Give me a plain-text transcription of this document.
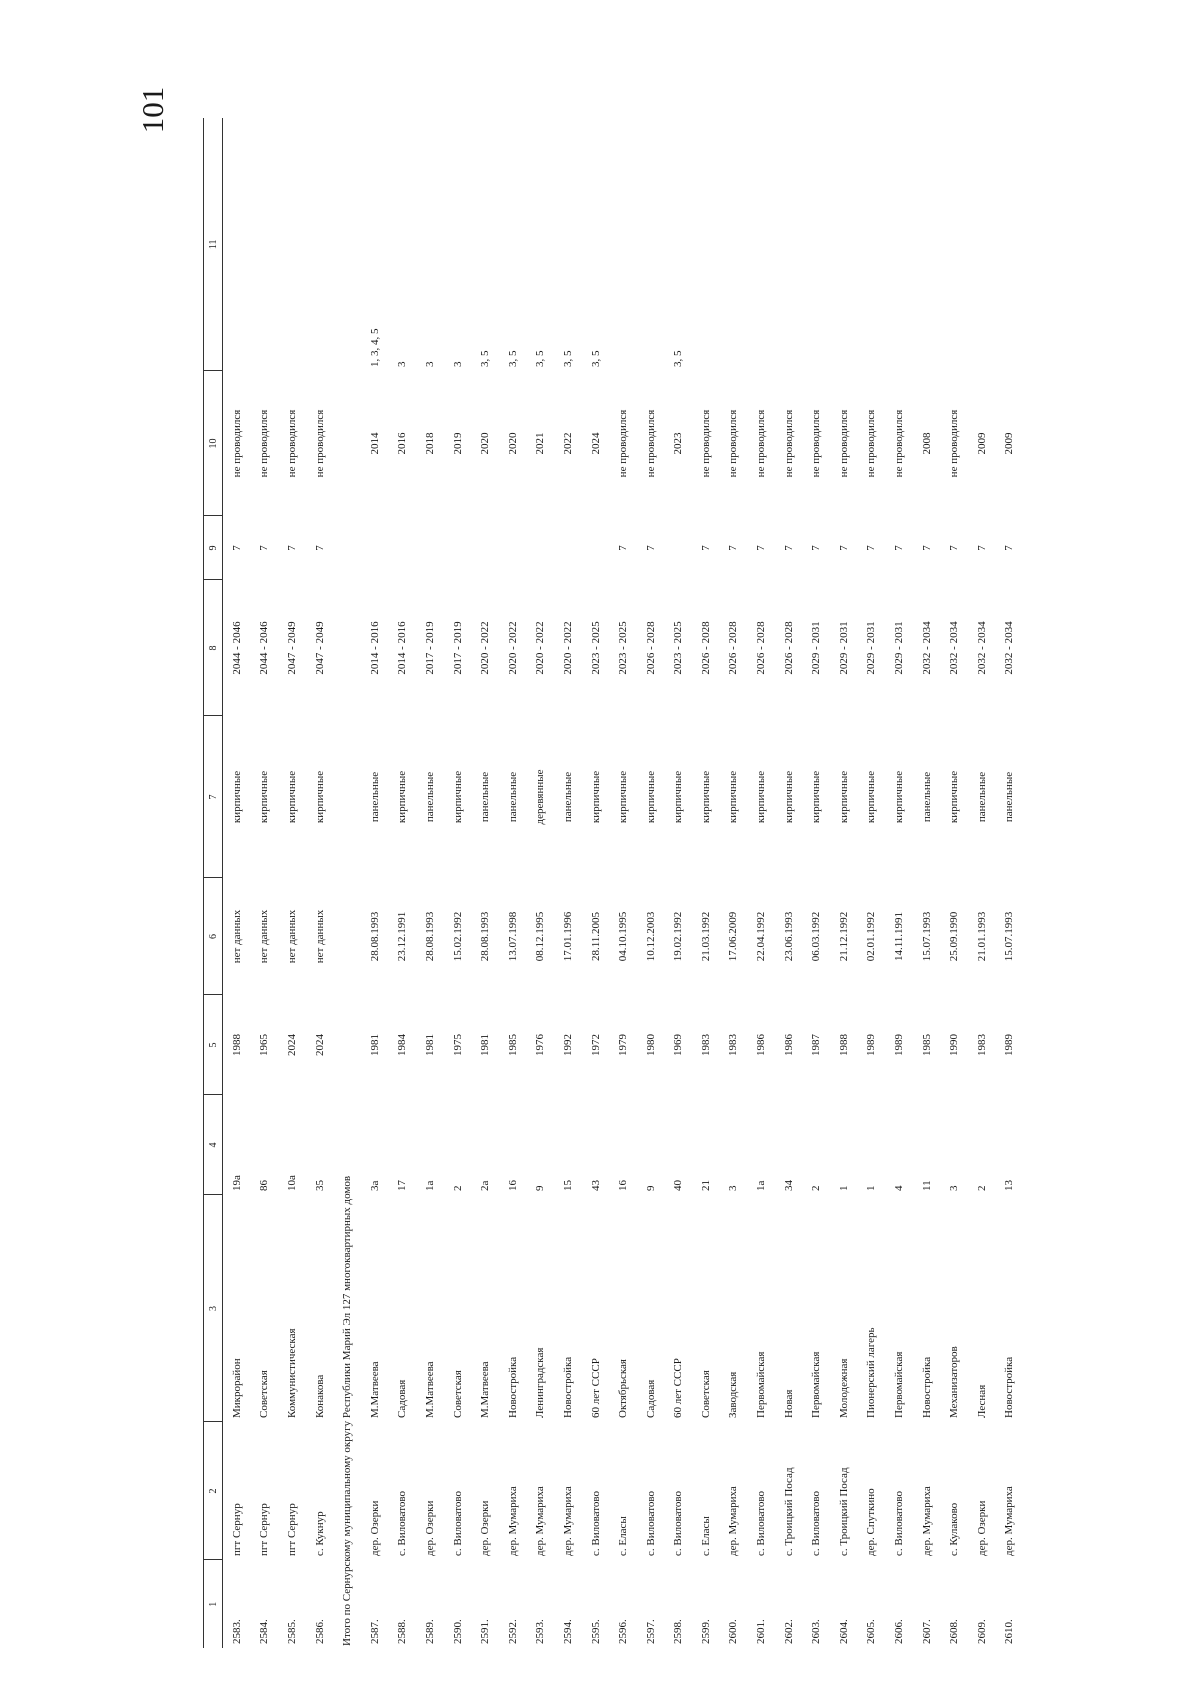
101
1	2	3	4	5	6	7	8	9	10	11
2583.	пгт Сернур	Микрорайон	19а	1988	нет данных	кирпичные	2044 - 2046	7	не проводился	
2584.	пгт Сернур	Советская	86	1965	нет данных	кирпичные	2044 - 2046	7	не проводился	
2585.	пгт Сернур	Коммунистическая	10а	2024	нет данных	кирпичные	2047 - 2049	7	не проводился	
2586.	с. Кукнур	Конакова	35	2024	нет данных	кирпичные	2047 - 2049	7	не проводился	
Итого по Сернурскому муниципальному округу Республики Марий Эл 127 многоквартирных домов										
2587.	дер. Озерки	М.Матвеева	3а	1981	28.08.1993	панельные	2014 - 2016		2014	1, 3, 4, 5
2588.	с. Виловатово	Садовая	17	1984	23.12.1991	кирпичные	2014 - 2016		2016	3
2589.	дер. Озерки	М.Матвеева	1а	1981	28.08.1993	панельные	2017 - 2019		2018	3
2590.	с. Виловатово	Советская	2	1975	15.02.1992	кирпичные	2017 - 2019		2019	3
2591.	дер. Озерки	М.Матвеева	2а	1981	28.08.1993	панельные	2020 - 2022		2020	3, 5
2592.	дер. Мумариха	Новостройка	16	1985	13.07.1998	панельные	2020 - 2022		2020	3, 5
2593.	дер. Мумариха	Ленинградская	9	1976	08.12.1995	деревянные	2020 - 2022		2021	3, 5
2594.	дер. Мумариха	Новостройка	15	1992	17.01.1996	панельные	2020 - 2022		2022	3, 5
2595.	с. Виловатово	60 лет СССР	43	1972	28.11.2005	кирпичные	2023 - 2025		2024	3, 5
2596.	с. Еласы	Октябрьская	16	1979	04.10.1995	кирпичные	2023 - 2025	7	не проводился	
2597.	с. Виловатово	Садовая	9	1980	10.12.2003	кирпичные	2026 - 2028	7	не проводился	
2598.	с. Виловатово	60 лет СССР	40	1969	19.02.1992	кирпичные	2023 - 2025		2023	3, 5
2599.	с. Еласы	Советская	21	1983	21.03.1992	кирпичные	2026 - 2028	7	не проводился	
2600.	дер. Мумариха	Заводская	3	1983	17.06.2009	кирпичные	2026 - 2028	7	не проводился	
2601.	с. Виловатово	Первомайская	1а	1986	22.04.1992	кирпичные	2026 - 2028	7	не проводился	
2602.	с. Троицкий Посад	Новая	34	1986	23.06.1993	кирпичные	2026 - 2028	7	не проводился	
2603.	с. Виловатово	Первомайская	2	1987	06.03.1992	кирпичные	2029 - 2031	7	не проводился	
2604.	с. Троицкий Посад	Молодежная	1	1988	21.12.1992	кирпичные	2029 - 2031	7	не проводился	
2605.	дер. Спуткино	Пионерский лагерь	1	1989	02.01.1992	кирпичные	2029 - 2031	7	не проводился	
2606.	с. Виловатово	Первомайская	4	1989	14.11.1991	кирпичные	2029 - 2031	7	не проводился	
2607.	дер. Мумариха	Новостройка	11	1985	15.07.1993	панельные	2032 - 2034	7	2008	
2608.	с. Кулаково	Механизаторов	3	1990	25.09.1990	кирпичные	2032 - 2034	7	не проводился	
2609.	дер. Озерки	Лесная	2	1983	21.01.1993	панельные	2032 - 2034	7	2009	
2610.	дер. Мумариха	Новостройка	13	1989	15.07.1993	панельные	2032 - 2034	7	2009	
